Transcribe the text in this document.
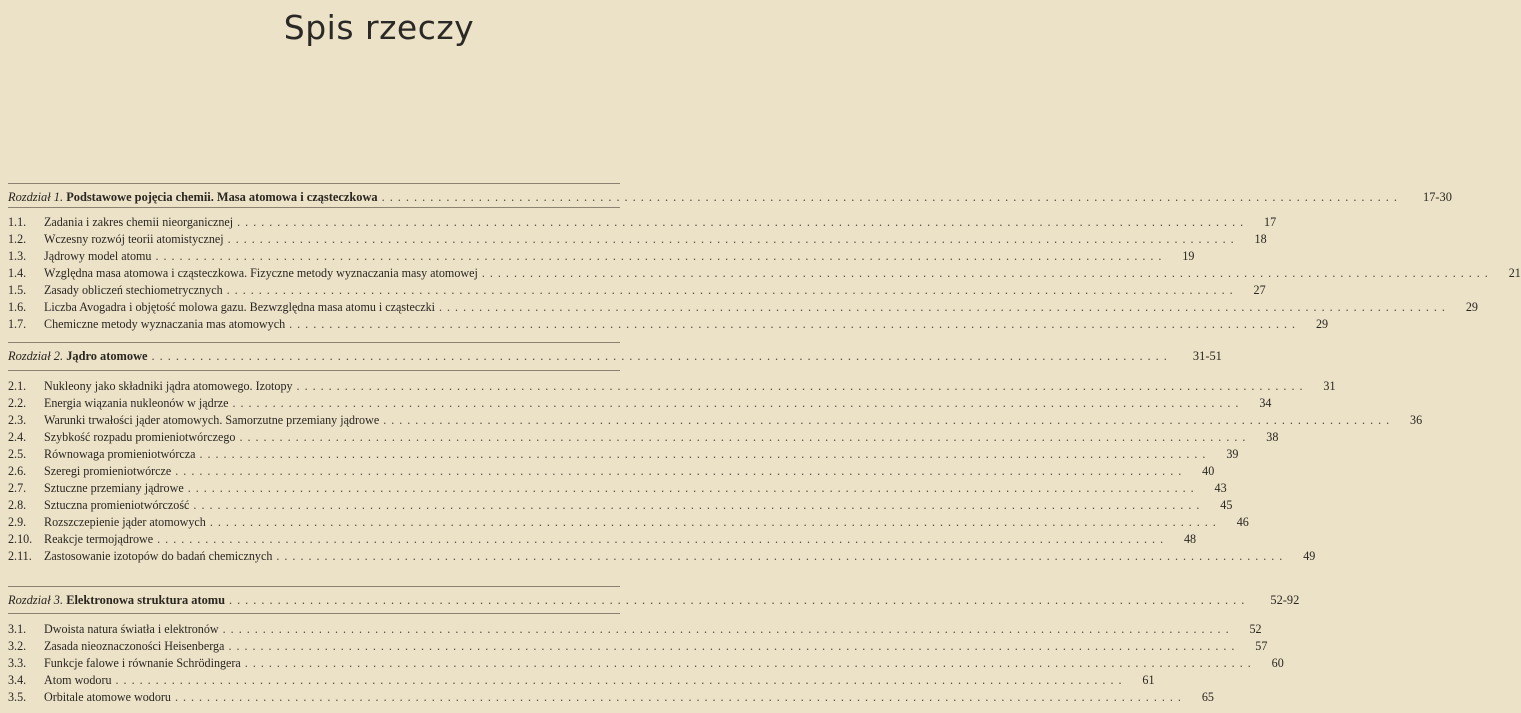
Spis rzeczy
Rozdział 1. Podstawowe pojęcia chemii. Masa atomowa i cząsteczkowa ..............................................................................................................................	17-30
1.1.	Zadania i zakres chemii nieorganicznej ..............................................................................................................................	17
1.2.	Wczesny rozwój teorii atomistycznej ..............................................................................................................................	18
1.3.	Jądrowy model atomu ..............................................................................................................................	19
1.4.	Względna masa atomowa i cząsteczkowa. Fizyczne metody wyznaczania masy atomowej ..............................................................................................................................	21
1.5.	Zasady obliczeń stechiometrycznych ..............................................................................................................................	27
1.6.	Liczba Avogadra i objętość molowa gazu. Bezwzględna masa atomu i cząsteczki ..............................................................................................................................	29
1.7.	Chemiczne metody wyznaczania mas atomowych ..............................................................................................................................	29
Rozdział 2. Jądro atomowe ..............................................................................................................................	31-51
2.1.	Nukleony jako składniki jądra atomowego. Izotopy ..............................................................................................................................	31
2.2.	Energia wiązania nukleonów w jądrze ..............................................................................................................................	34
2.3.	Warunki trwałości jąder atomowych. Samorzutne przemiany jądrowe ..............................................................................................................................	36
2.4.	Szybkość rozpadu promieniotwórczego ..............................................................................................................................	38
2.5.	Równowaga promieniotwórcza ..............................................................................................................................	39
2.6.	Szeregi promieniotwórcze ..............................................................................................................................	40
2.7.	Sztuczne przemiany jądrowe ..............................................................................................................................	43
2.8.	Sztuczna promieniotwórczość ..............................................................................................................................	45
2.9.	Rozszczepienie jąder atomowych ..............................................................................................................................	46
2.10. Reakcje termojądrowe ..............................................................................................................................	48
2.11.	Zastosowanie izotopów do badań chemicznych ..............................................................................................................................	49
Rozdział 3. Elektronowa struktura atomu ..............................................................................................................................	52-92
3.1.	Dwoista natura światła i elektronów ..............................................................................................................................	52
3.2.	Zasada nieoznaczoności Heisenberga ..............................................................................................................................	57
3.3.	Funkcje falowe i równanie Schrödingera ..............................................................................................................................	60
3.4.	Atom wodoru ..............................................................................................................................	61
3.5.	Orbitale atomowe wodoru ..............................................................................................................................	65
